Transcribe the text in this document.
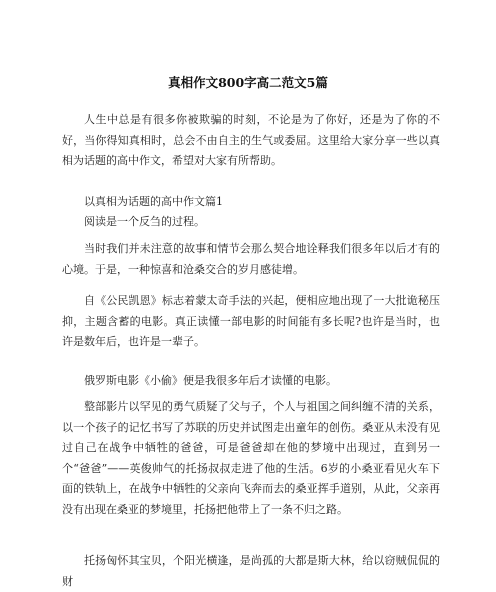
真相作文800字高二范文5篇

人生中总是有很多你被欺骗的时刻，不论是为了你好，还是为了你的不好，当你得知真相时，总会不由自主的生气或委屈。这里给大家分享一些以真相为话题的高中作文，希望对大家有所帮助。

以真相为话题的高中作文篇1

阅读是一个反刍的过程。

当时我们并未注意的故事和情节会那么契合地诠释我们很多年以后才有的心境。于是，一种惊喜和沧桑交合的岁月感徒增。

自《公民凯恩》标志着蒙太奇手法的兴起，便相应地出现了一大批诡秘压抑，主题含蓄的电影。真正读懂一部电影的时间能有多长呢?也许是当时，也许是数年后，也许是一辈子。

俄罗斯电影《小偷》便是我很多年后才读懂的电影。

整部影片以罕见的勇气质疑了父与子，个人与祖国之间纠缠不清的关系，以一个孩子的记忆书写了苏联的历史并试图走出童年的创伤。桑亚从未没有见过自己在战争中牺牲的爸爸，可是爸爸却在他的梦境中出现过，直到另一个“爸爸”——英俊帅气的托扬叔叔走进了他的生活。6岁的小桑亚看见火车下面的铁轨上，在战争中牺牲的父亲向飞奔而去的桑亚挥手道别，从此，父亲再没有出现在桑亚的梦境里，托扬把他带上了一条不归之路。

托扬匈怀其宝贝，个阳光横逢，是尚孤的大都是斯大林，给以窃贼侃侃的财
